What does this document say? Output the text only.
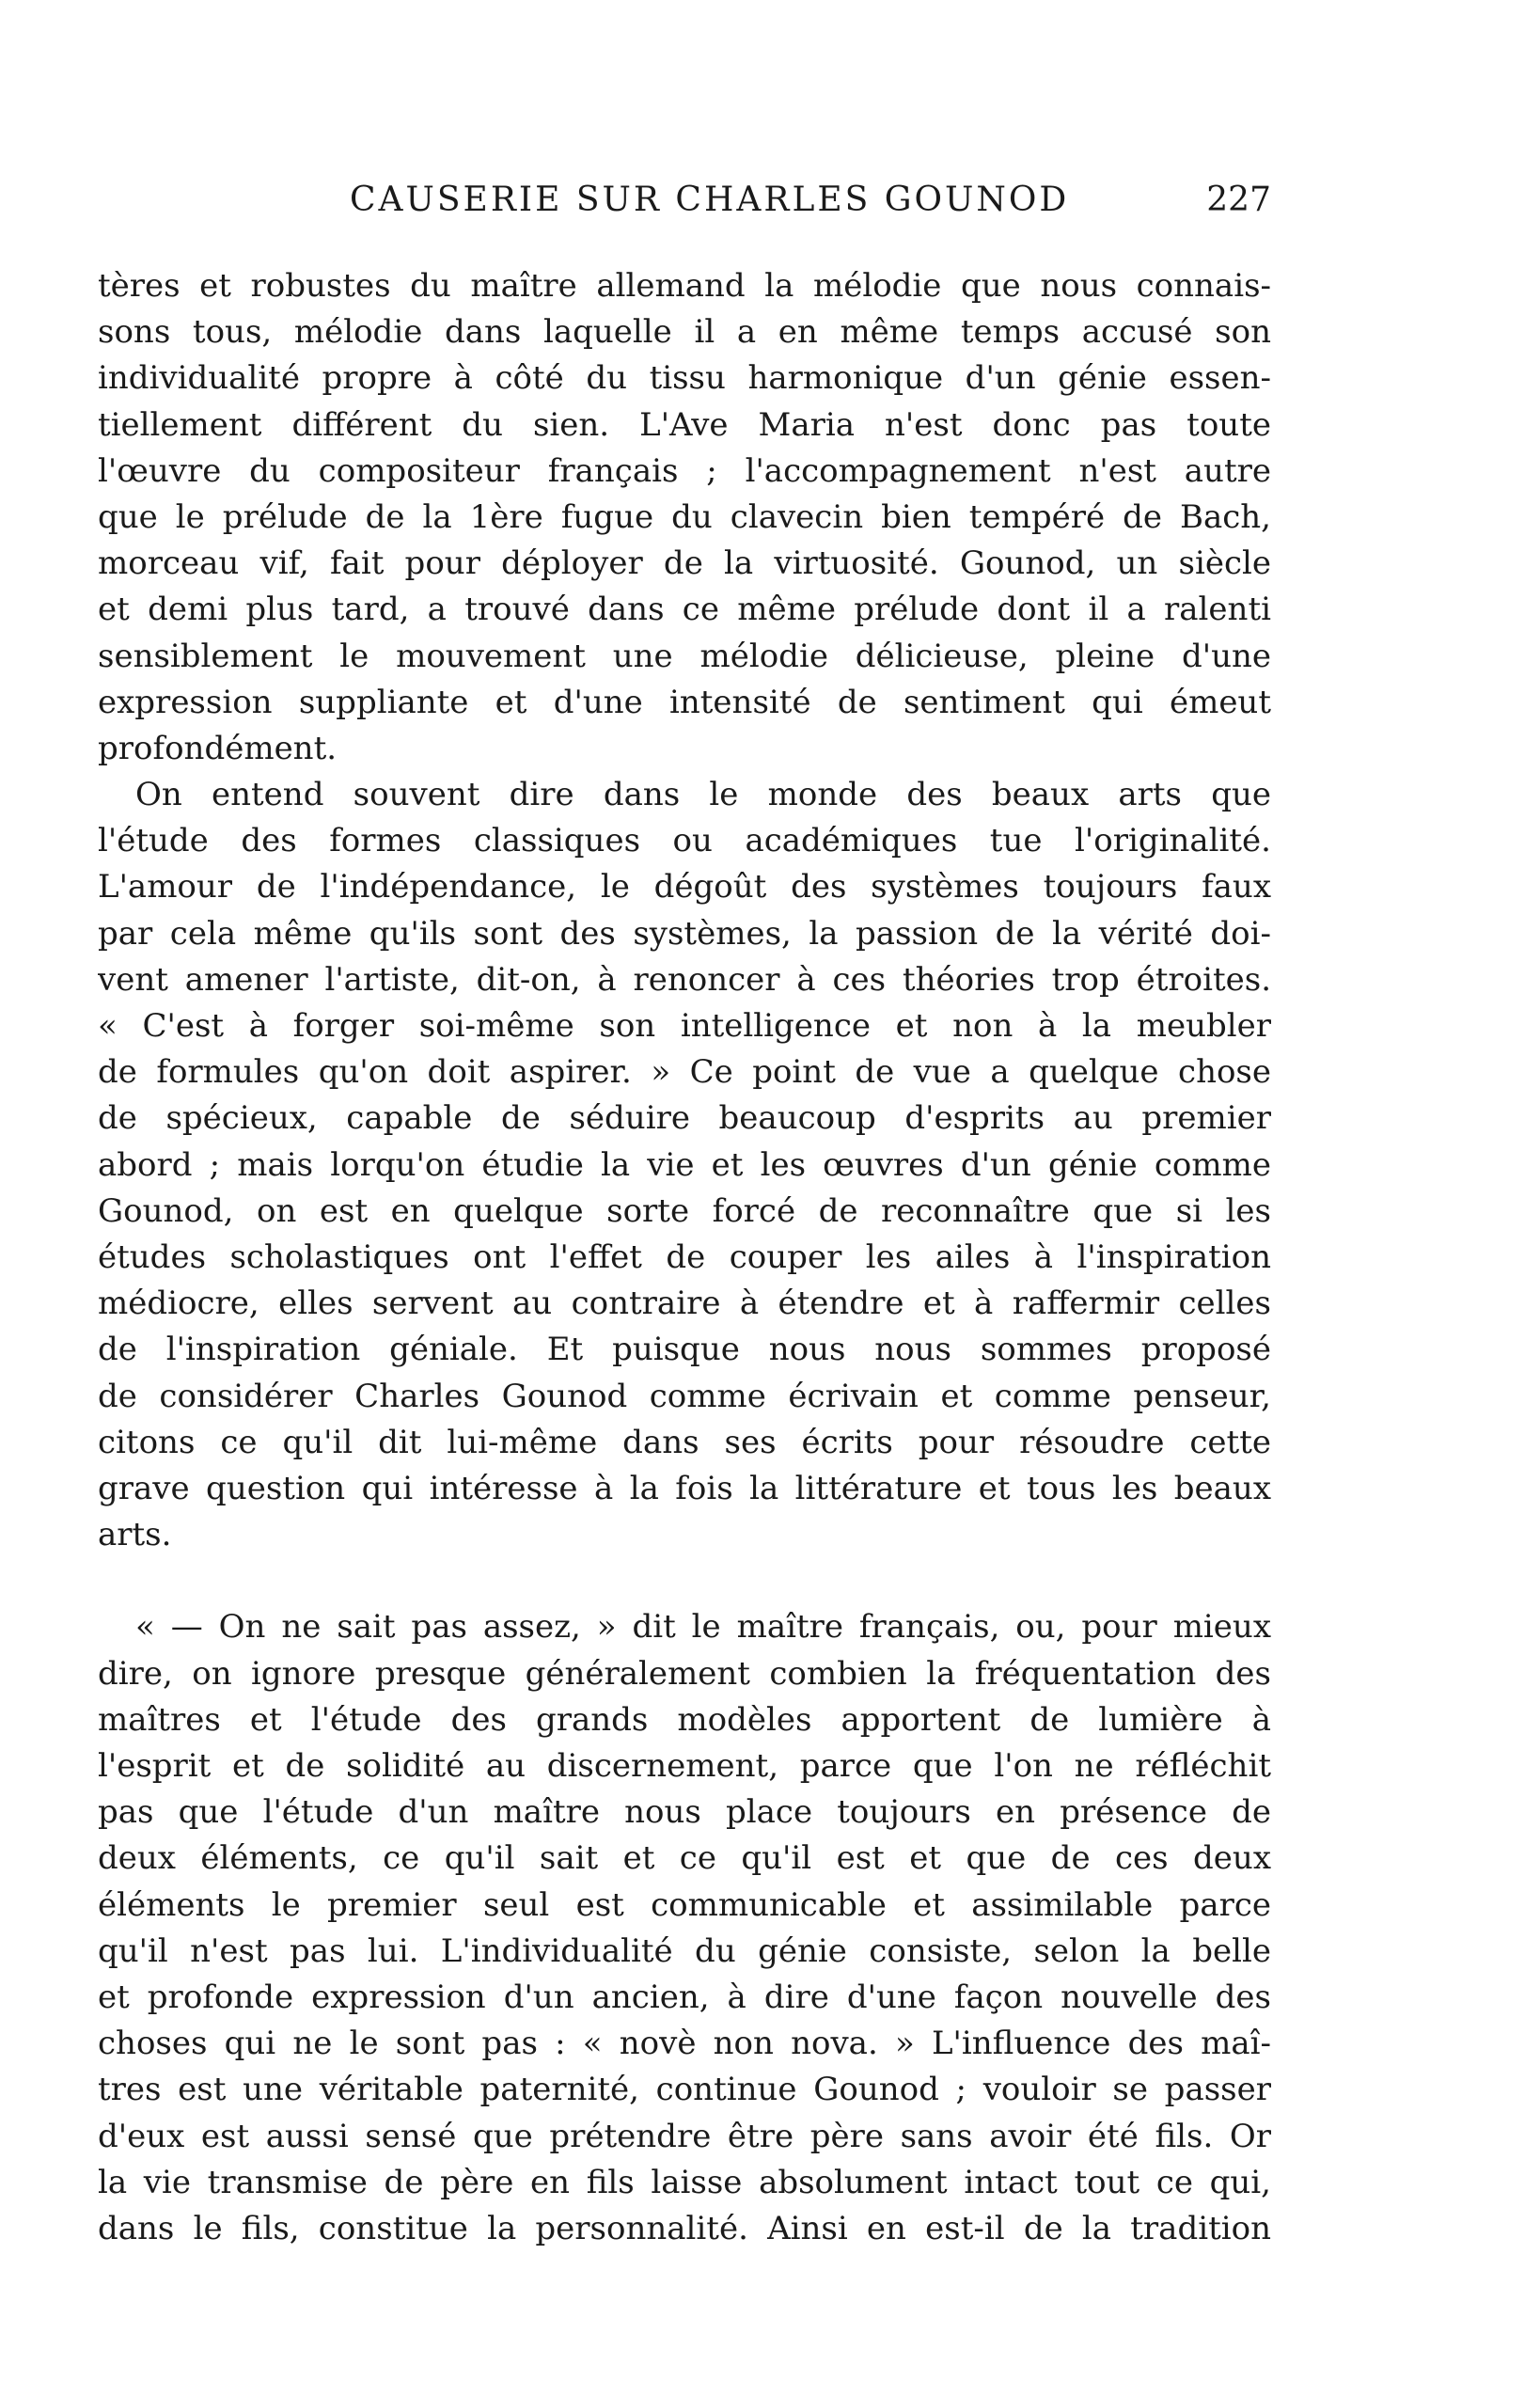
CAUSERIE SUR CHARLES GOUNOD	227
tères et robustes du maître allemand la mélodie que nous connais-
sons tous, mélodie dans laquelle il a en même temps accusé son
individualité propre à côté du tissu harmonique d'un génie essen-
tiellement différent du sien. L'Ave Maria n'est donc pas toute
l'œuvre du compositeur français ; l'accompagnement n'est autre
que le prélude de la 1ère fugue du clavecin bien tempéré de Bach,
morceau vif, fait pour déployer de la virtuosité. Gounod, un siècle
et demi plus tard, a trouvé dans ce même prélude dont il a ralenti
sensiblement le mouvement une mélodie délicieuse, pleine d'une
expression suppliante et d'une intensité de sentiment qui émeut
profondément.
On entend souvent dire dans le monde des beaux arts que
l'étude des formes classiques ou académiques tue l'originalité.
L'amour de l'indépendance, le dégoût des systèmes toujours faux
par cela même qu'ils sont des systèmes, la passion de la vérité doi-
vent amener l'artiste, dit-on, à renoncer à ces théories trop étroites.
« C'est à forger soi-même son intelligence et non à la meubler
de formules qu'on doit aspirer. » Ce point de vue a quelque chose
de spécieux, capable de séduire beaucoup d'esprits au premier
abord ; mais lorqu'on étudie la vie et les œuvres d'un génie comme
Gounod, on est en quelque sorte forcé de reconnaître que si les
études scholastiques ont l'effet de couper les ailes à l'inspiration
médiocre, elles servent au contraire à étendre et à raffermir celles
de l'inspiration géniale. Et puisque nous nous sommes proposé
de considérer Charles Gounod comme écrivain et comme penseur,
citons ce qu'il dit lui-même dans ses écrits pour résoudre cette
grave question qui intéresse à la fois la littérature et tous les beaux
arts.
« — On ne sait pas assez, » dit le maître français, ou, pour mieux
dire, on ignore presque généralement combien la fréquentation des
maîtres et l'étude des grands modèles apportent de lumière à
l'esprit et de solidité au discernement, parce que l'on ne réfléchit
pas que l'étude d'un maître nous place toujours en présence de
deux éléments, ce qu'il sait et ce qu'il est et que de ces deux
éléments le premier seul est communicable et assimilable parce
qu'il n'est pas lui. L'individualité du génie consiste, selon la belle
et profonde expression d'un ancien, à dire d'une façon nouvelle des
choses qui ne le sont pas : « novè non nova. » L'influence des maî-
tres est une véritable paternité, continue Gounod ; vouloir se passer
d'eux est aussi sensé que prétendre être père sans avoir été fils. Or
la vie transmise de père en fils laisse absolument intact tout ce qui,
dans le fils, constitue la personnalité. Ainsi en est-il de la tradition
